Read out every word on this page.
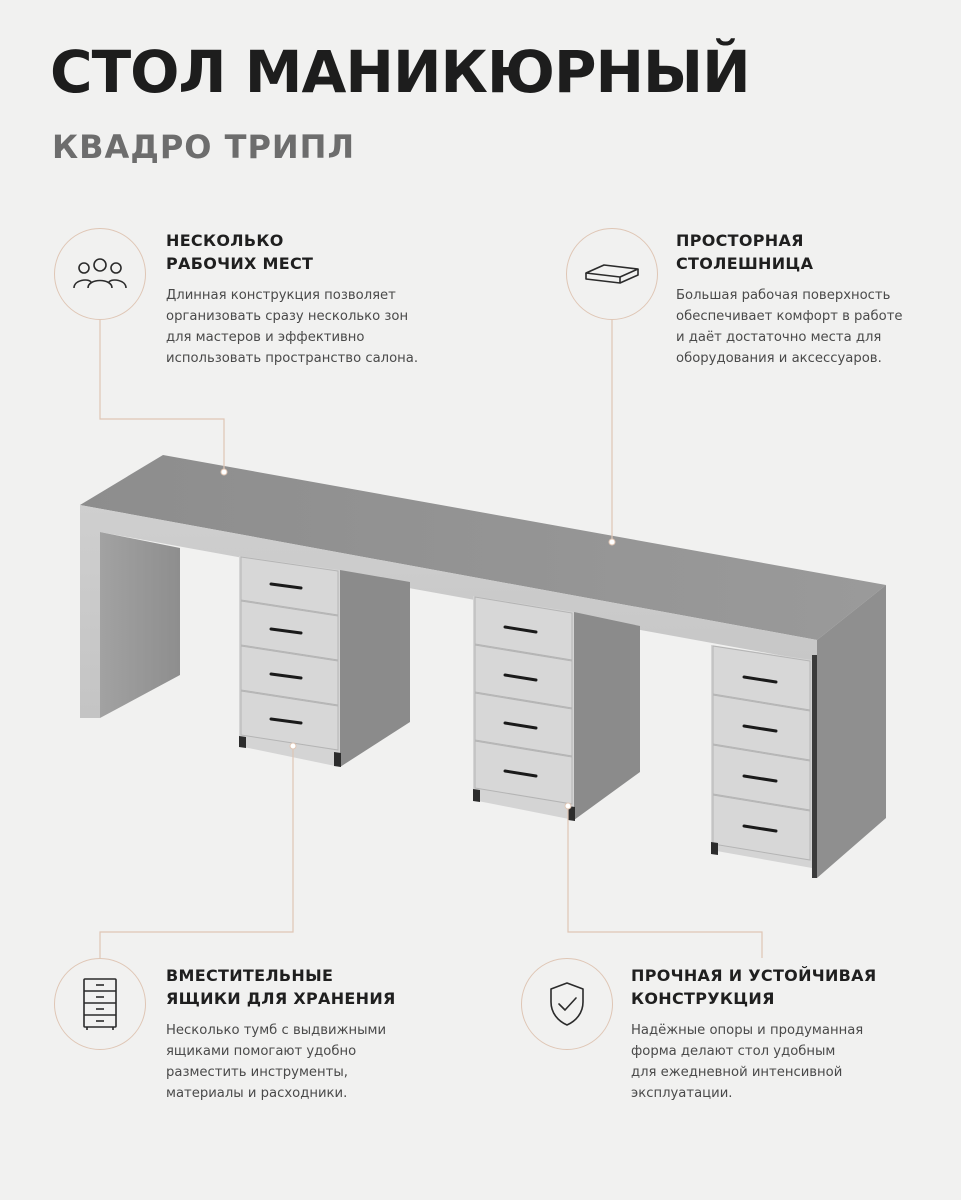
СТОЛ МАНИКЮРНЫЙ
КВАДРО ТРИПЛ
НЕСКОЛЬКО
РАБОЧИХ МЕСТ
Длинная конструкция позволяет
организовать сразу несколько зон
для мастеров и эффективно
использовать пространство салона.
ПРОСТОРНАЯ
СТОЛЕШНИЦА
Большая рабочая поверхность
обеспечивает комфорт в работе
и даёт достаточно места для
оборудования и аксессуаров.
ВМЕСТИТЕЛЬНЫЕ
ЯЩИКИ ДЛЯ ХРАНЕНИЯ
Несколько тумб с выдвижными
ящиками помогают удобно
разместить инструменты,
материалы и расходники.
ПРОЧНАЯ И УСТОЙЧИВАЯ
КОНСТРУКЦИЯ
Надёжные опоры и продуманная
форма делают стол удобным
для ежедневной интенсивной
эксплуатации.
